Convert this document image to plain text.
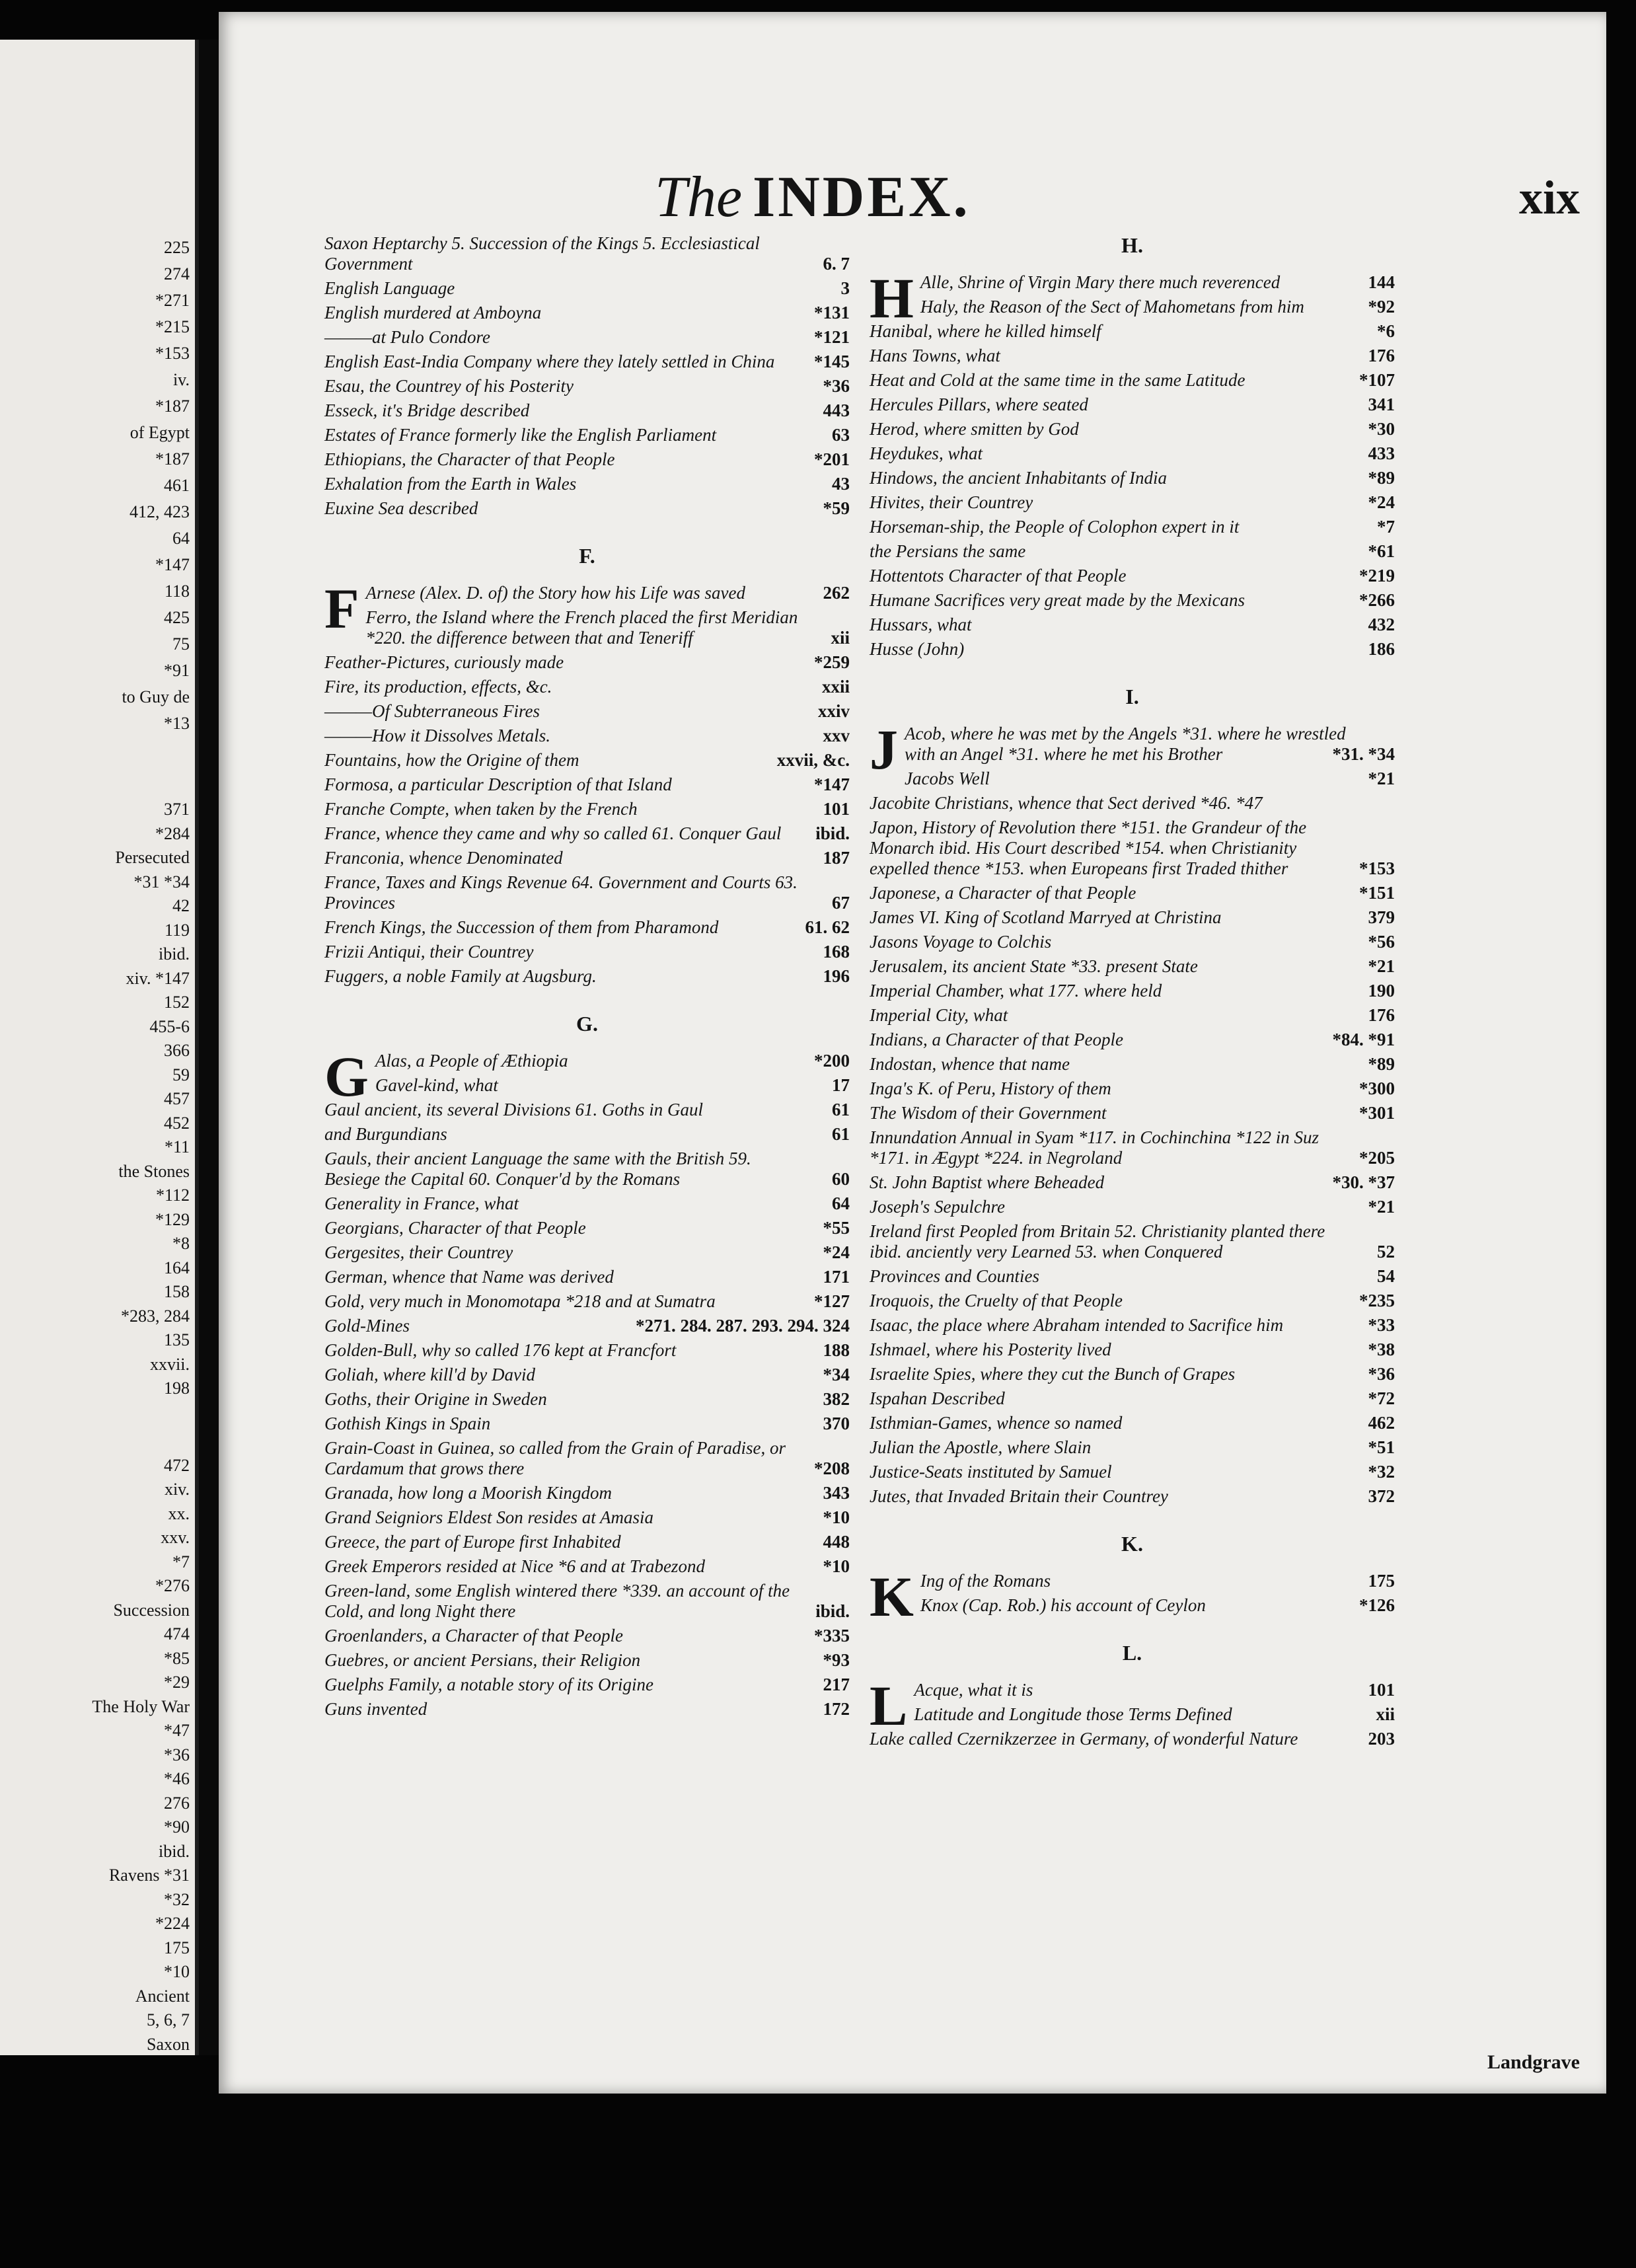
225
274
*271
*215
*153
iv.
*187
of Egypt
*187
461
412, 423
64
*147
118
425
75
*91
to Guy de
*13
371
*284
Persecuted
*31 *34
42
119
ibid.
xiv. *147
152
455-6
366
59
457
452
*11
the Stones
*112
*129
*8
164
158
*283, 284
135
xxvii.
198
472
xiv.
xx.
xxv.
*7
*276
Succession
474
*85
*29
The Holy War
*47
*36
*46
276
*90
ibid.
Ravens *31
*32
*224
175
*10
Ancient
5, 6, 7
Saxon
The INDEX.	xix
Saxon Heptarchy 5. Succession of the Kings 5. Ecclesiastical Government	6. 7
English Language	3
English murdered at Amboyna	*131
———at Pulo Condore	*121
English East-India Company where they lately settled in China *145
Esau, the Countrey of his Posterity	*36
Esseck, it's Bridge described	443
Estates of France formerly like the English Parliament	63
Ethiopians, the Character of that People	*201
Exhalation from the Earth in Wales	43
Euxine Sea described	*59
F.
F Arnese (Alex. D. of) the Story how his Life was saved	262
Ferro, the Island where the French placed the first Meridian *220. the difference between that and Teneriff	xii
Feather-Pictures, curiously made	*259
Fire, its production, effects, &c.	xxii
———Of Subterraneous Fires	xxiv
———How it Dissolves Metals.	xxv
Fountains, how the Origine of them	xxvii, &c.
Formosa, a particular Description of that Island	*147
Franche Compte, when taken by the French	101
France, whence they came and why so called 61. Conquer Gaul ibid.
Franconia, whence Denominated	187
France, Taxes and Kings Revenue 64. Government and Courts 63. Provinces	67
French Kings, the Succession of them from Pharamond	61. 62
Frizii Antiqui, their Countrey	168
Fuggers, a noble Family at Augsburg.	196
G.
G Alas, a People of Æthiopia	*200
Gavel-kind, what	17
Gaul ancient, its several Divisions 61. Goths in Gaul	61
and Burgundians	61
Gauls, their ancient Language the same with the British 59. Besiege the Capital 60. Conquer'd by the Romans	60
Generality in France, what	64
Georgians, Character of that People	*55
Gergesites, their Countrey	*24
German, whence that Name was derived	171
Gold, very much in Monomotapa *218 and at Sumatra	*127
Gold-Mines	*271. 284. 287. 293. 294. 324
Golden-Bull, why so called 176 kept at Francfort	188
Goliah, where kill'd by David	*34
Goths, their Origine in Sweden	382
Gothish Kings in Spain	370
Grain-Coast in Guinea, so called from the Grain of Paradise, or Cardamum that grows there	*208
Granada, how long a Moorish Kingdom	343
Grand Seigniors Eldest Son resides at Amasia	*10
Greece, the part of Europe first Inhabited	448
Greek Emperors resided at Nice *6 and at Trabezond	*10
Green-land, some English wintered there *339. an account of the Cold, and long Night there	ibid.
Groenlanders, a Character of that People	*335
Guebres, or ancient Persians, their Religion	*93
Guelphs Family, a notable story of its Origine	217
Guns invented	172
H.
H Alle, Shrine of Virgin Mary there much reverenced	144
Haly, the Reason of the Sect of Mahometans from him	*92
Hanibal, where he killed himself	*6
Hans Towns, what	176
Heat and Cold at the same time in the same Latitude	*107
Hercules Pillars, where seated	341
Herod, where smitten by God	*30
Heydukes, what	433
Hindows, the ancient Inhabitants of India	*89
Hivites, their Countrey	*24
Horseman-ship, the People of Colophon expert in it	*7
the Persians the same	*61
Hottentots Character of that People	*219
Humane Sacrifices very great made by the Mexicans	*266
Hussars, what	432
Husse (John)	186
I.
J Acob, where he was met by the Angels *31. where he wrestled with an Angel *31. where he met his Brother	*31. *34
Jacobs Well	*21
Jacobite Christians, whence that Sect derived *46. *47
Japon, History of Revolution there *151. the Grandeur of the Monarch ibid. His Court described *154. when Christianity expelled thence *153. when Europeans first Traded thither	*153
Japonese, a Character of that People	*151
James VI. King of Scotland Marryed at Christina	379
Jasons Voyage to Colchis	*56
Jerusalem, its ancient State *33. present State	*21
Imperial Chamber, what 177. where held	190
Imperial City, what	176
Indians, a Character of that People	*84. *91
Indostan, whence that name	*89
Inga's K. of Peru, History of them	*300
The Wisdom of their Government	*301
Innundation Annual in Syam *117. in Cochinchina *122 in Suz *171. in Ægypt *224. in Negroland	*205
St. John Baptist where Beheaded	*30. *37
Joseph's Sepulchre	*21
Ireland first Peopled from Britain 52. Christianity planted there ibid. anciently very Learned 53. when Conquered	52
Provinces and Counties	54
Iroquois, the Cruelty of that People	*235
Isaac, the place where Abraham intended to Sacrifice him	*33
Ishmael, where his Posterity lived	*38
Israelite Spies, where they cut the Bunch of Grapes	*36
Ispahan Described	*72
Isthmian-Games, whence so named	462
Julian the Apostle, where Slain	*51
Justice-Seats instituted by Samuel	*32
Jutes, that Invaded Britain their Countrey	372
K.
K Ing of the Romans	175
Knox (Cap. Rob.) his account of Ceylon	*126
L.
L Acque, what it is	101
Latitude and Longitude those Terms Defined	xii
Lake called Czernikzerzee in Germany, of wonderful Nature	203
Landgrave
